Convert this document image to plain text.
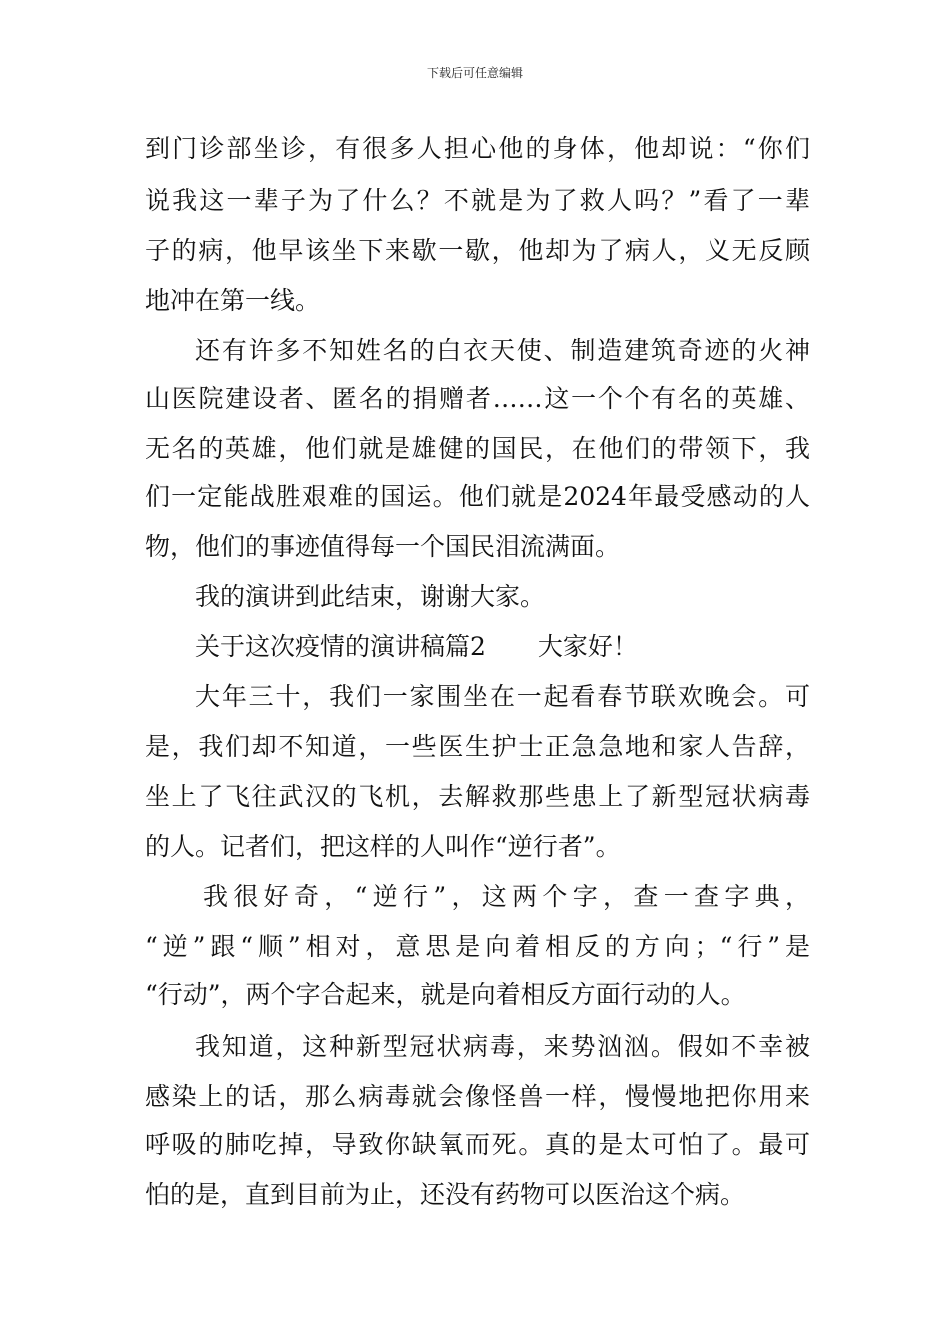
下载后可任意编辑
到门诊部坐诊，有很多人担心他的身体，他却说：“你们
说我这一辈子为了什么？不就是为了救人吗？”看了一辈
子的病，他早该坐下来歇一歇，他却为了病人，义无反顾
地冲在第一线。
还有许多不知姓名的白衣天使、制造建筑奇迹的火神
山医院建设者、匿名的捐赠者……这一个个有名的英雄、
无名的英雄，他们就是雄健的国民，在他们的带领下，我
们一定能战胜艰难的国运。他们就是2024年最受感动的人
物，他们的事迹值得每一个国民泪流满面。
我的演讲到此结束，谢谢大家。
关于这次疫情的演讲稿篇2 大家好！
大年三十，我们一家围坐在一起看春节联欢晚会。可
是，我们却不知道，一些医生护士正急急地和家人告辞，
坐上了飞往武汉的飞机，去解救那些患上了新型冠状病毒
的人。记者们，把这样的人叫作“逆行者”。
我很好奇，“逆行”，这两个字，查一查字典，
“逆”跟“顺”相对，意思是向着相反的方向；“行”是
“行动”，两个字合起来，就是向着相反方面行动的人。
我知道，这种新型冠状病毒，来势汹汹。假如不幸被
感染上的话，那么病毒就会像怪兽一样，慢慢地把你用来
呼吸的肺吃掉，导致你缺氧而死。真的是太可怕了。最可
怕的是，直到目前为止，还没有药物可以医治这个病。
